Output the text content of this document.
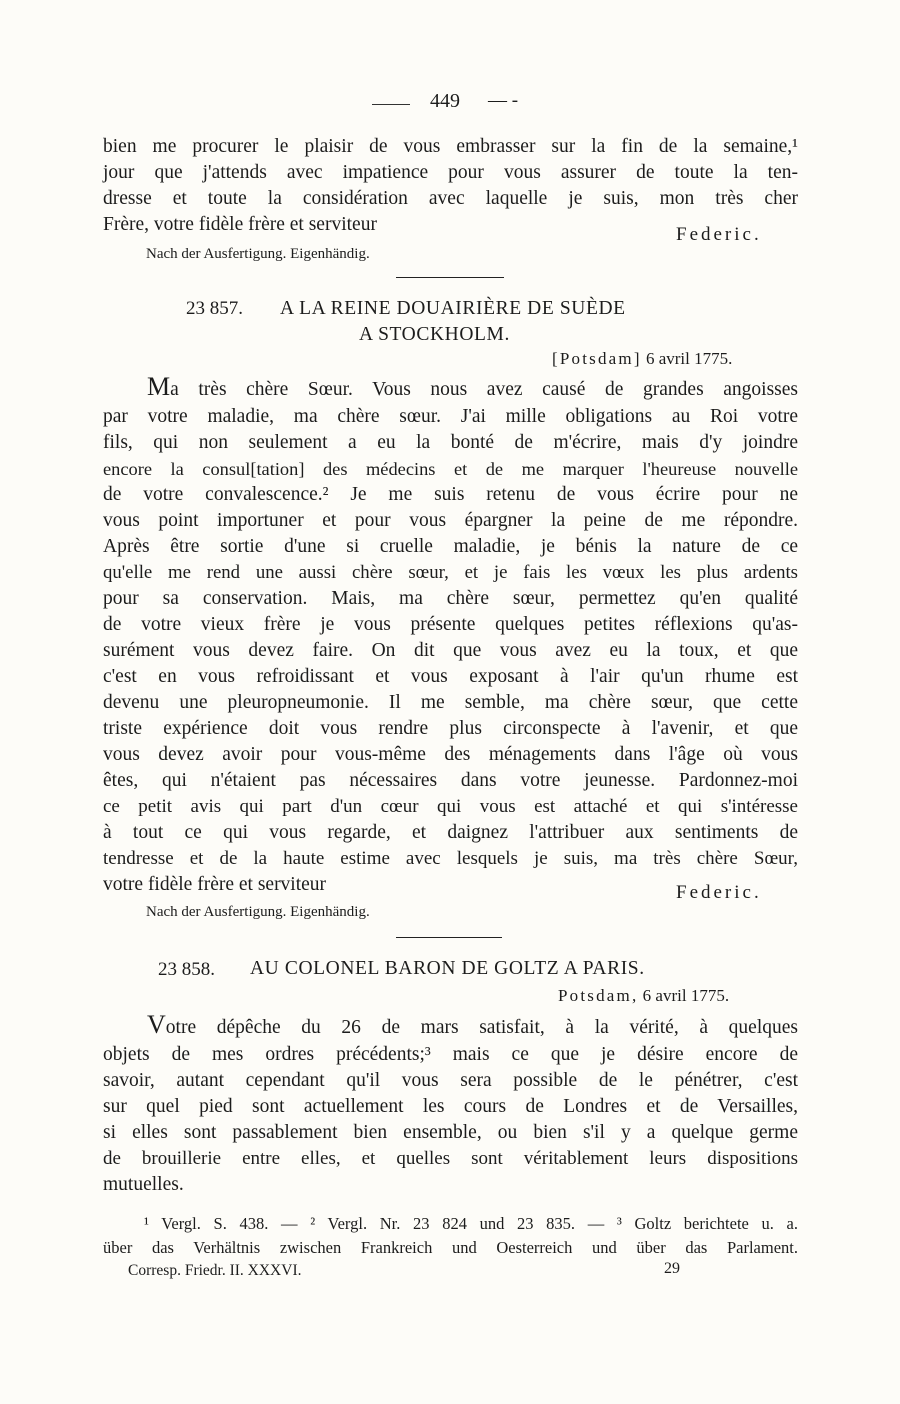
449 — -
bien me procurer le plaisir de vous embrasser sur la fin de la semaine,¹
jour que j'attends avec impatience pour vous assurer de toute la ten-
dresse et toute la considération avec laquelle je suis, mon très cher
Frère, votre fidèle frère et serviteur	Federic.
Nach der Ausfertigung. Eigenhändig.
23 857. A LA REINE DOUAIRIÈRE DE SUÈDE
A STOCKHOLM.
[Potsdam] 6 avril 1775.
Ma très chère Sœur. Vous nous avez causé de grandes angoisses
par votre maladie, ma chère sœur. J'ai mille obligations au Roi votre
fils, qui non seulement a eu la bonté de m'écrire, mais d'y joindre
encore la consul[tation] des médecins et de me marquer l'heureuse nouvelle
de votre convalescence.² Je me suis retenu de vous écrire pour ne
vous point importuner et pour vous épargner la peine de me répondre.
Après être sortie d'une si cruelle maladie, je bénis la nature de ce
qu'elle me rend une aussi chère sœur, et je fais les vœux les plus ardents
pour sa conservation. Mais, ma chère sœur, permettez qu'en qualité
de votre vieux frère je vous présente quelques petites réflexions qu'as-
surément vous devez faire. On dit que vous avez eu la toux, et que
c'est en vous refroidissant et vous exposant à l'air qu'un rhume est
devenu une pleuropneumonie. Il me semble, ma chère sœur, que cette
triste expérience doit vous rendre plus circonspecte à l'avenir, et que
vous devez avoir pour vous-même des ménagements dans l'âge où vous
êtes, qui n'étaient pas nécessaires dans votre jeunesse. Pardonnez-moi
ce petit avis qui part d'un cœur qui vous est attaché et qui s'intéresse
à tout ce qui vous regarde, et daignez l'attribuer aux sentiments de
tendresse et de la haute estime avec lesquels je suis, ma très chère Sœur,
votre fidèle frère et serviteur	Federic.
Nach der Ausfertigung. Eigenhändig.
23 858. AU COLONEL BARON DE GOLTZ A PARIS.
Potsdam, 6 avril 1775.
Votre dépêche du 26 de mars satisfait, à la vérité, à quelques
objets de mes ordres précédents;³ mais ce que je désire encore de
savoir, autant cependant qu'il vous sera possible de le pénétrer, c'est
sur quel pied sont actuellement les cours de Londres et de Versailles,
si elles sont passablement bien ensemble, ou bien s'il y a quelque germe
de brouillerie entre elles, et quelles sont véritablement leurs dispositions
mutuelles.
¹ Vergl. S. 438. — ² Vergl. Nr. 23 824 und 23 835. — ³ Goltz berichtete u. a.
über das Verhältnis zwischen Frankreich und Oesterreich und über das Parlament.
Corresp. Friedr. II. XXXVI.	29
